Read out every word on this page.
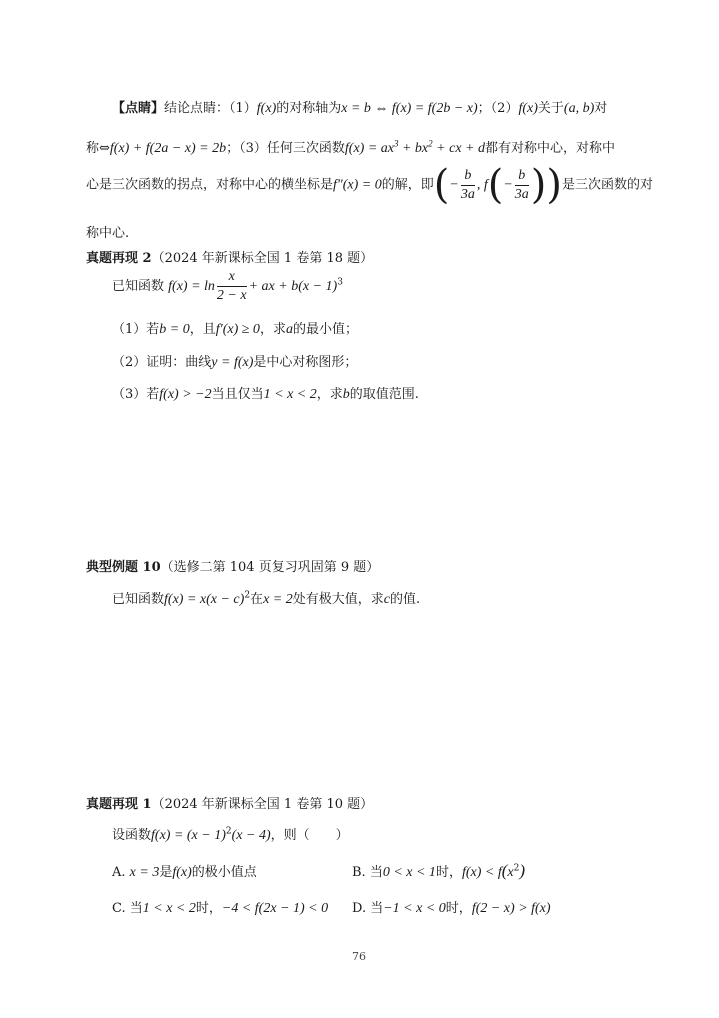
【点睛】结论点睛：（1）f(x)的对称轴为x = b ⇔ f(x) = f(2b − x)；（2）f(x)关于(a, b)对
称⇔f(x) + f(2a − x) = 2b；（3）任何三次函数$f(x) = ax^3 + bx^2$ + cx + d都有对称中心，对称中
心是三次函数的拐点，对称中心的横坐标是f″(x) = 0的解，即(− $\frac{b}{3a}$ , $f(- \frac{b}{3a}$ ))是三次函数的对
称中心.
真题再现 2（2024 年新课标全国 1 卷第 18 题）
已知函数 $f(x) = \ln \frac{x}{2 - x}$ + ax + $b(x - 1)^3$
（1）若b = 0，且f′(x) ≥ 0，求a的最小值；
（2）证明：曲线y = f(x)是中心对称图形；
（3）若f(x) > −2当且仅当1 < x < 2，求b的取值范围.
典型例题 10（选修二第 104 页复习巩固第 9 题）
已知函数$f(x) = x(x - c)^2$在x = 2处有极大值，求c的值.
真题再现 1（2024 年新课标全国 1 卷第 10 题）
设函数$f(x) = (x - 1)^2(x - 4)$，则（　　）
A. x = 3是f(x)的极小值点	B. 当0 < x < 1时，$f(x) < f(x^2)$
C. 当1 < x < 2时，−4 < f(2x − 1) < 0 D. 当−1 < x < 0时，f(2 − x) > f(x)
76
